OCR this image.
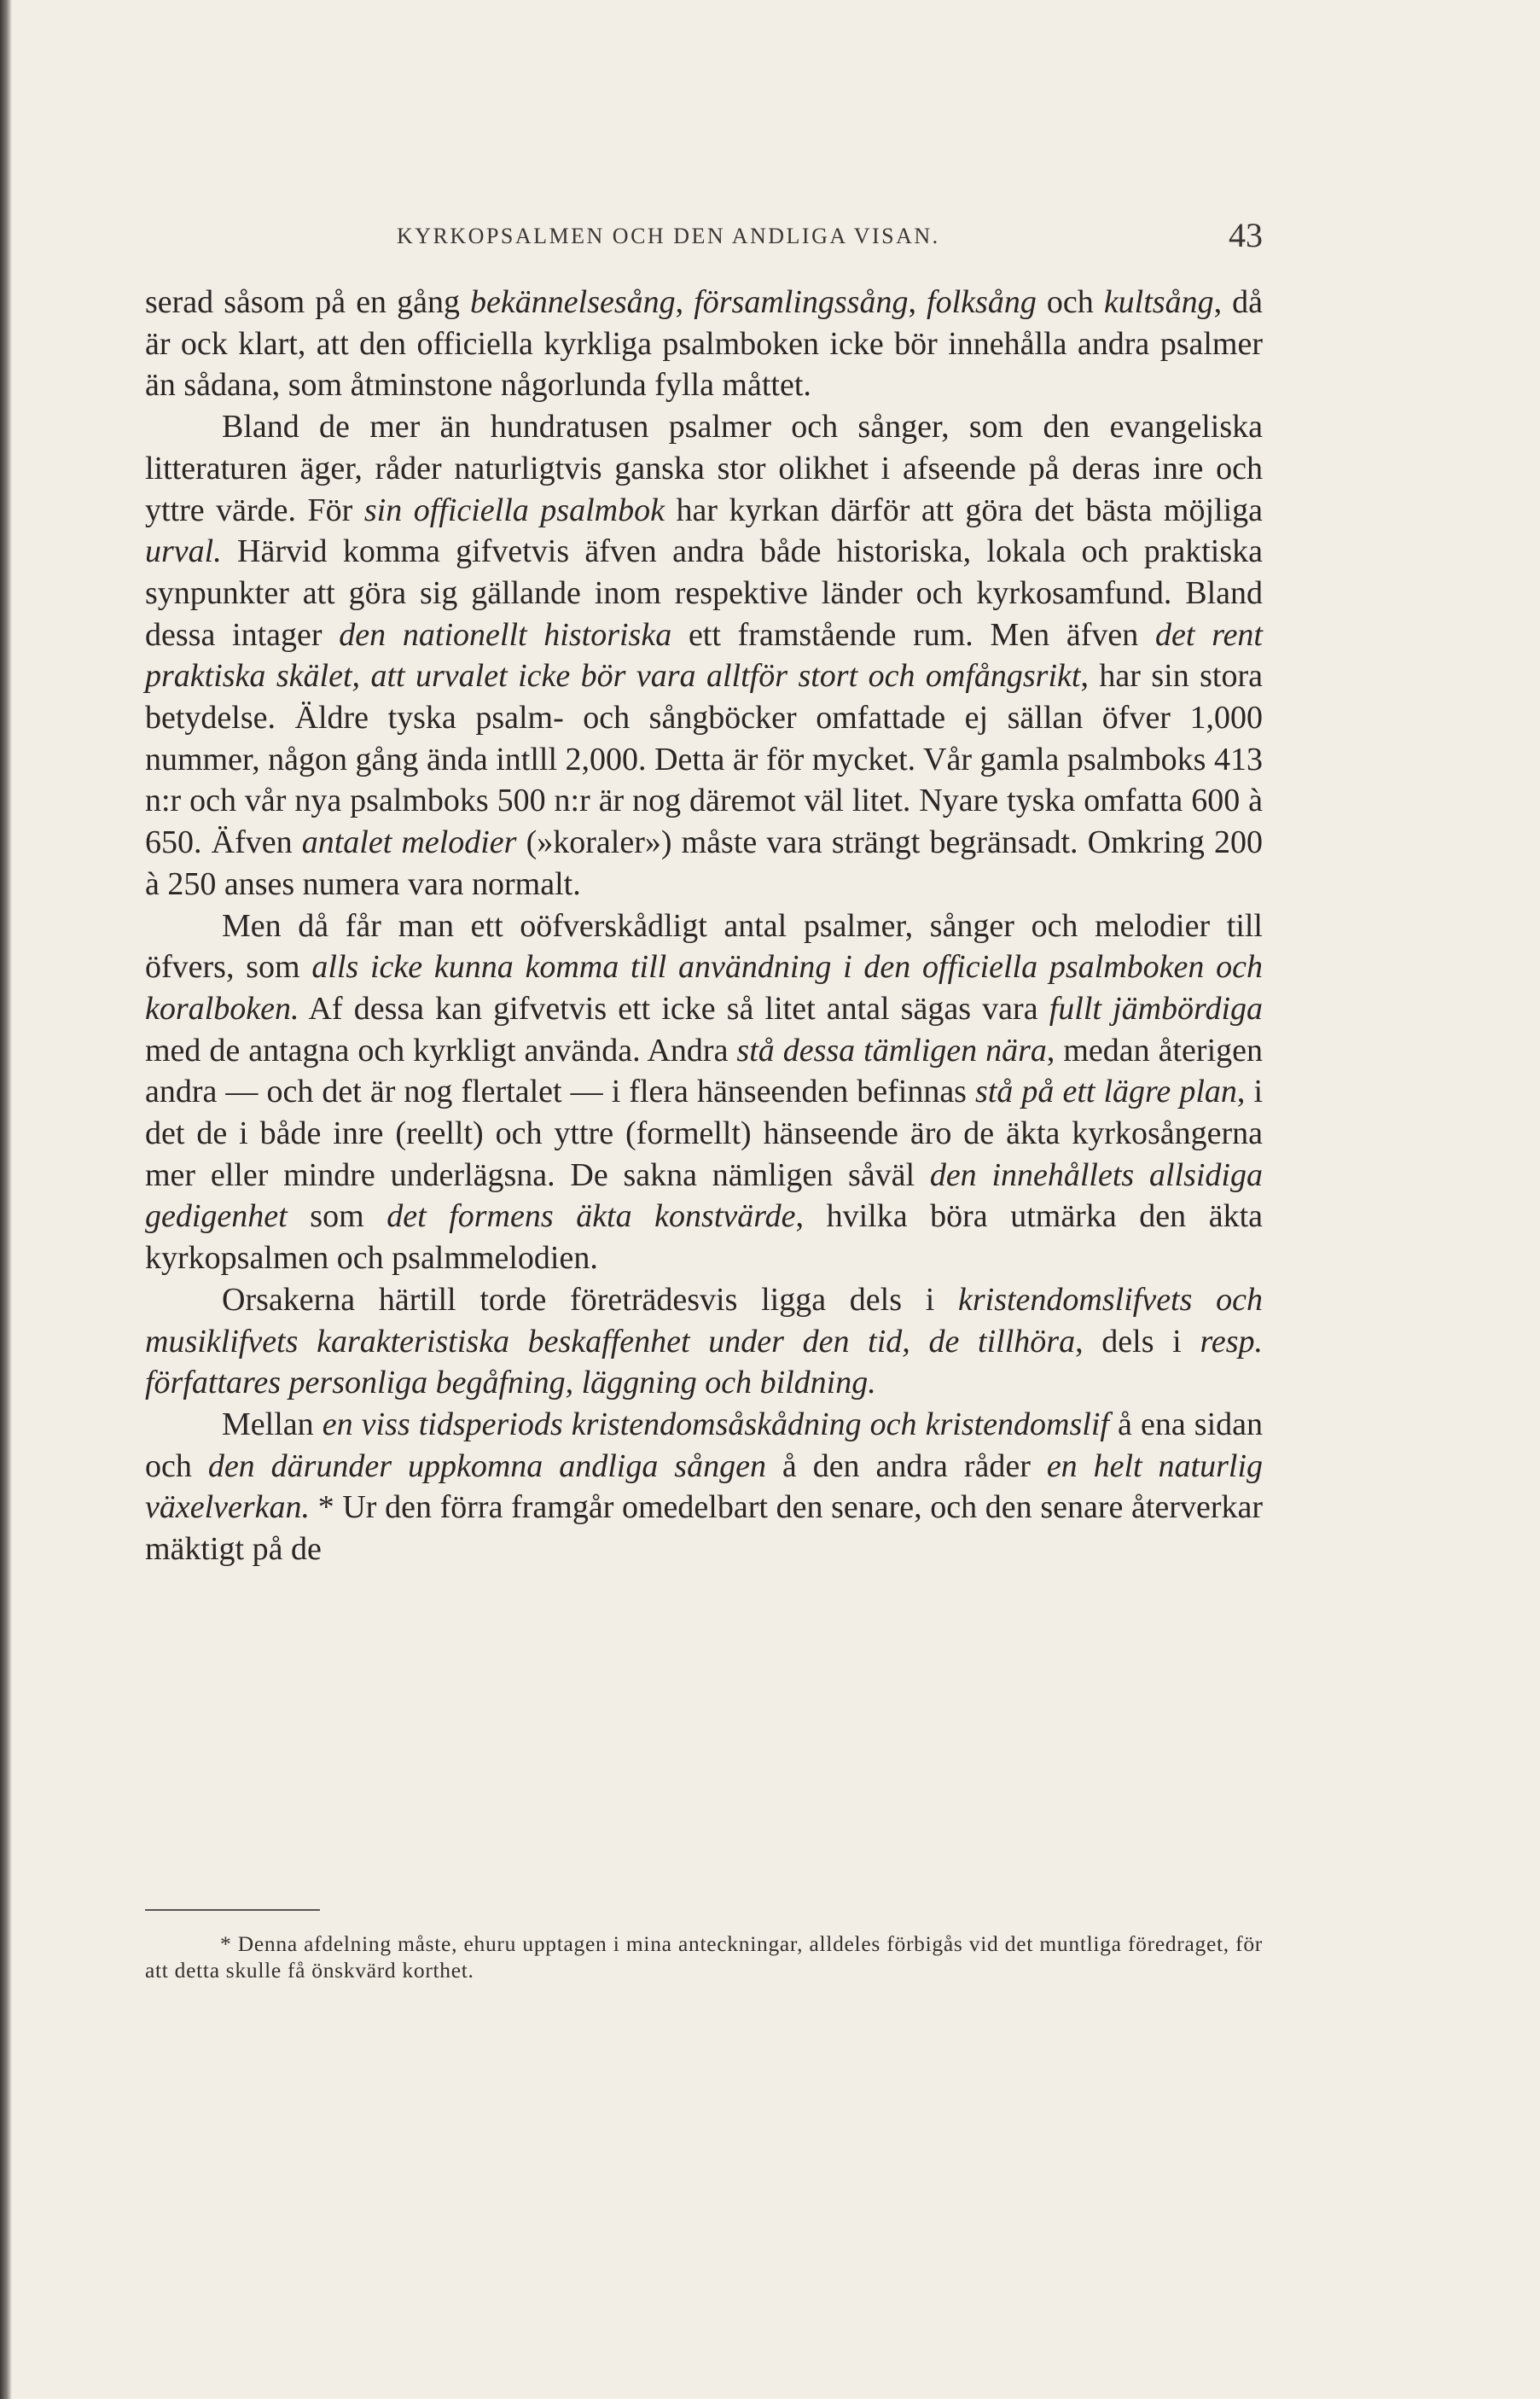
KYRKOPSALMEN OCH DEN ANDLIGA VISAN.	43

serad såsom på en gång bekännelsesång, församlingssång, folksång och kultsång, då är ock klart, att den officiella kyrkliga psalmboken icke bör innehålla andra psalmer än sådana, som åtminstone någorlunda fylla måttet.

Bland de mer än hundratusen psalmer och sånger, som den evangeliska litteraturen äger, råder naturligtvis ganska stor olikhet i afseende på deras inre och yttre värde. För sin officiella psalmbok har kyrkan därför att göra det bästa möjliga urval. Härvid komma gifvetvis äfven andra både historiska, lokala och praktiska synpunkter att göra sig gällande inom respektive länder och kyrkosamfund. Bland dessa intager den nationellt historiska ett framstående rum. Men äfven det rent praktiska skälet, att urvalet icke bör vara alltför stort och omfångsrikt, har sin stora betydelse. Äldre tyska psalm- och sångböcker omfattade ej sällan öfver 1,000 nummer, någon gång ända intlll 2,000. Detta är för mycket. Vår gamla psalmboks 413 n:r och vår nya psalmboks 500 n:r är nog däremot väl litet. Nyare tyska omfatta 600 à 650. Äfven antalet melodier (»koraler») måste vara strängt begränsadt. Omkring 200 à 250 anses numera vara normalt.

Men då får man ett oöfverskådligt antal psalmer, sånger och melodier till öfvers, som alls icke kunna komma till användning i den officiella psalmboken och koralboken. Af dessa kan gifvetvis ett icke så litet antal sägas vara fullt jämbördiga med de antagna och kyrkligt använda. Andra stå dessa tämligen nära, medan återigen andra — och det är nog flertalet — i flera hänseenden befinnas stå på ett lägre plan, i det de i både inre (reellt) och yttre (formellt) hänseende äro de äkta kyrkosångerna mer eller mindre underlägsna. De sakna nämligen såväl den innehållets allsidiga gedigenhet som det formens äkta konstvärde, hvilka böra utmärka den äkta kyrkopsalmen och psalmmelodien.

Orsakerna härtill torde företrädesvis ligga dels i kristendomslifvets och musiklifvets karakteristiska beskaffenhet under den tid, de tillhöra, dels i resp. författares personliga begåfning, läggning och bildning.

Mellan en viss tidsperiods kristendomsåskådning och kristendomslif å ena sidan och den därunder uppkomna andliga sången å den andra råder en helt naturlig växelverkan. * Ur den förra framgår omedelbart den senare, och den senare återverkar mäktigt på de

* Denna afdelning måste, ehuru upptagen i mina anteckningar, alldeles förbigås vid det muntliga föredraget, för att detta skulle få önskvärd korthet.
